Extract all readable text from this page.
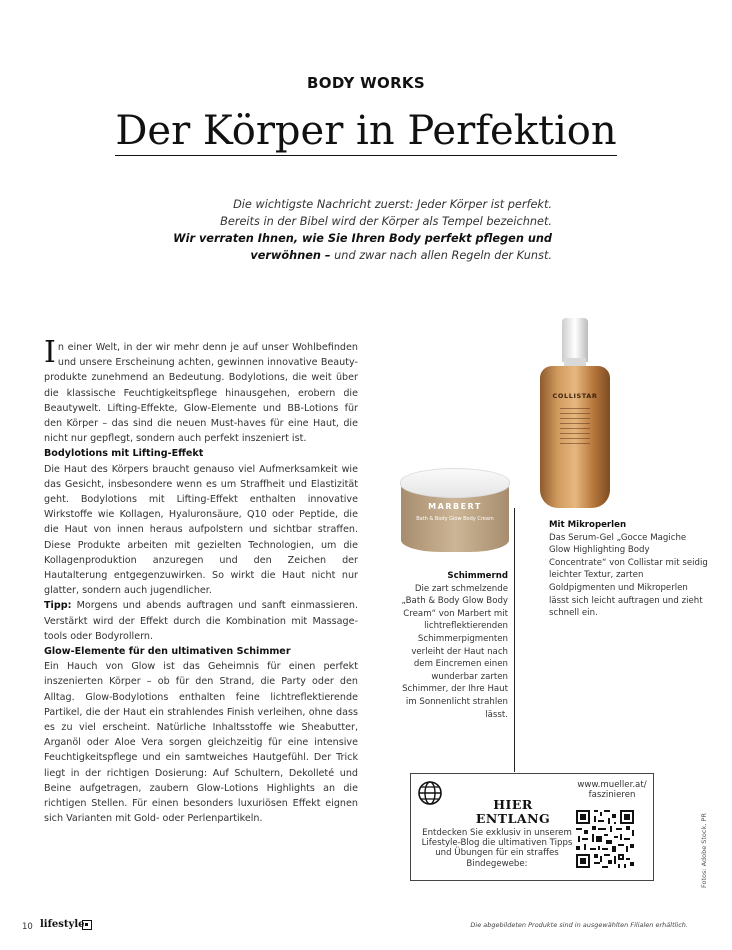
BODY WORKS
Der Körper in Perfektion
Die wichtigste Nachricht zuerst: Jeder Körper ist perfekt.
Bereits in der Bibel wird der Körper als Tempel bezeichnet.
Wir verraten Ihnen, wie Sie Ihren Body perfekt pflegen und verwöhnen – und zwar nach allen Regeln der Kunst.

In einer Welt, in der wir mehr denn je auf unser Wohlbefinden und unsere Erscheinung achten, gewinnen innovative Beauty-produkte zunehmend an Bedeutung. Bodylotions, die weit über die klassische Feuchtigkeitspflege hinausgehen, erobern die Beautywelt. Lifting-Effekte, Glow-Elemente und BB-Lotions für den Körper – das sind die neuen Must-haves für eine Haut, die nicht nur gepflegt, sondern auch perfekt inszeniert ist.

Bodylotions mit Lifting-Effekt

Die Haut des Körpers braucht genauso viel Aufmerksamkeit wie das Gesicht, insbesondere wenn es um Straffheit und Elastizität geht. Bodylotions mit Lifting-Effekt enthalten innovative Wirkstoffe wie Kollagen, Hyaluronsäure, Q10 oder Peptide, die die Haut von innen heraus aufpolstern und sichtbar straffen. Diese Produkte arbeiten mit gezielten Technologien, um die Kollagenproduktion anzuregen und den Zeichen der Hautalterung entgegenzuwirken. So wirkt die Haut nicht nur glatter, sondern auch jugendlicher.

Tipp: Morgens und abends auftragen und sanft einmassieren. Verstärkt wird der Effekt durch die Kombination mit Massage-tools oder Bodyrollern.

Glow-Elemente für den ultimativen Schimmer

Ein Hauch von Glow ist das Geheimnis für einen perfekt inszenierten Körper – ob für den Strand, die Party oder den Alltag. Glow-Bodylotions enthalten feine lichtreflektierende Partikel, die der Haut ein strahlendes Finish verleihen, ohne dass es zu viel erscheint. Natürliche Inhaltsstoffe wie Sheabutter, Arganöl oder Aloe Vera sorgen gleichzeitig für eine intensive Feuchtigkeitspflege und ein samtweiches Hautgefühl. Der Trick liegt in der richtigen Dosierung: Auf Schultern, Dekolleté und Beine aufgetragen, zaubern Glow-Lotions Highlights an die richtigen Stellen. Für einen besonders luxuriösen Effekt eignen sich Varianten mit Gold- oder Perlenpartikeln.

MARBERT
Bath & Body Glow Body Cream
COLLISTAR
Schimmernd
Die zart schmelzende „Bath & Body Glow Body Cream“ von Marbert mit lichtreflektierenden Schimmerpigmenten verleiht der Haut nach dem Eincremen einen wunderbar zarten Schimmer, der Ihre Haut im Sonnenlicht strahlen lässt.
Mit Mikroperlen
Das Serum-Gel „Gocce Magiche Glow Highlighting Body Concentrate“ von Collistar mit seidig leichter Textur, zarten Goldpigmenten und Mikroperlen lässt sich leicht auftragen und zieht schnell ein.
HIER
ENTLANG
Entdecken Sie exklusiv in unserem Lifestyle-Blog die ultimativen Tipps und Übungen für ein straffes Bindegewebe:
www.mueller.at/
faszinieren
Fotos: Adobe Stock, PR
10 lifestyle	Die abgebildeten Produkte sind in ausgewählten Filialen erhältlich.
